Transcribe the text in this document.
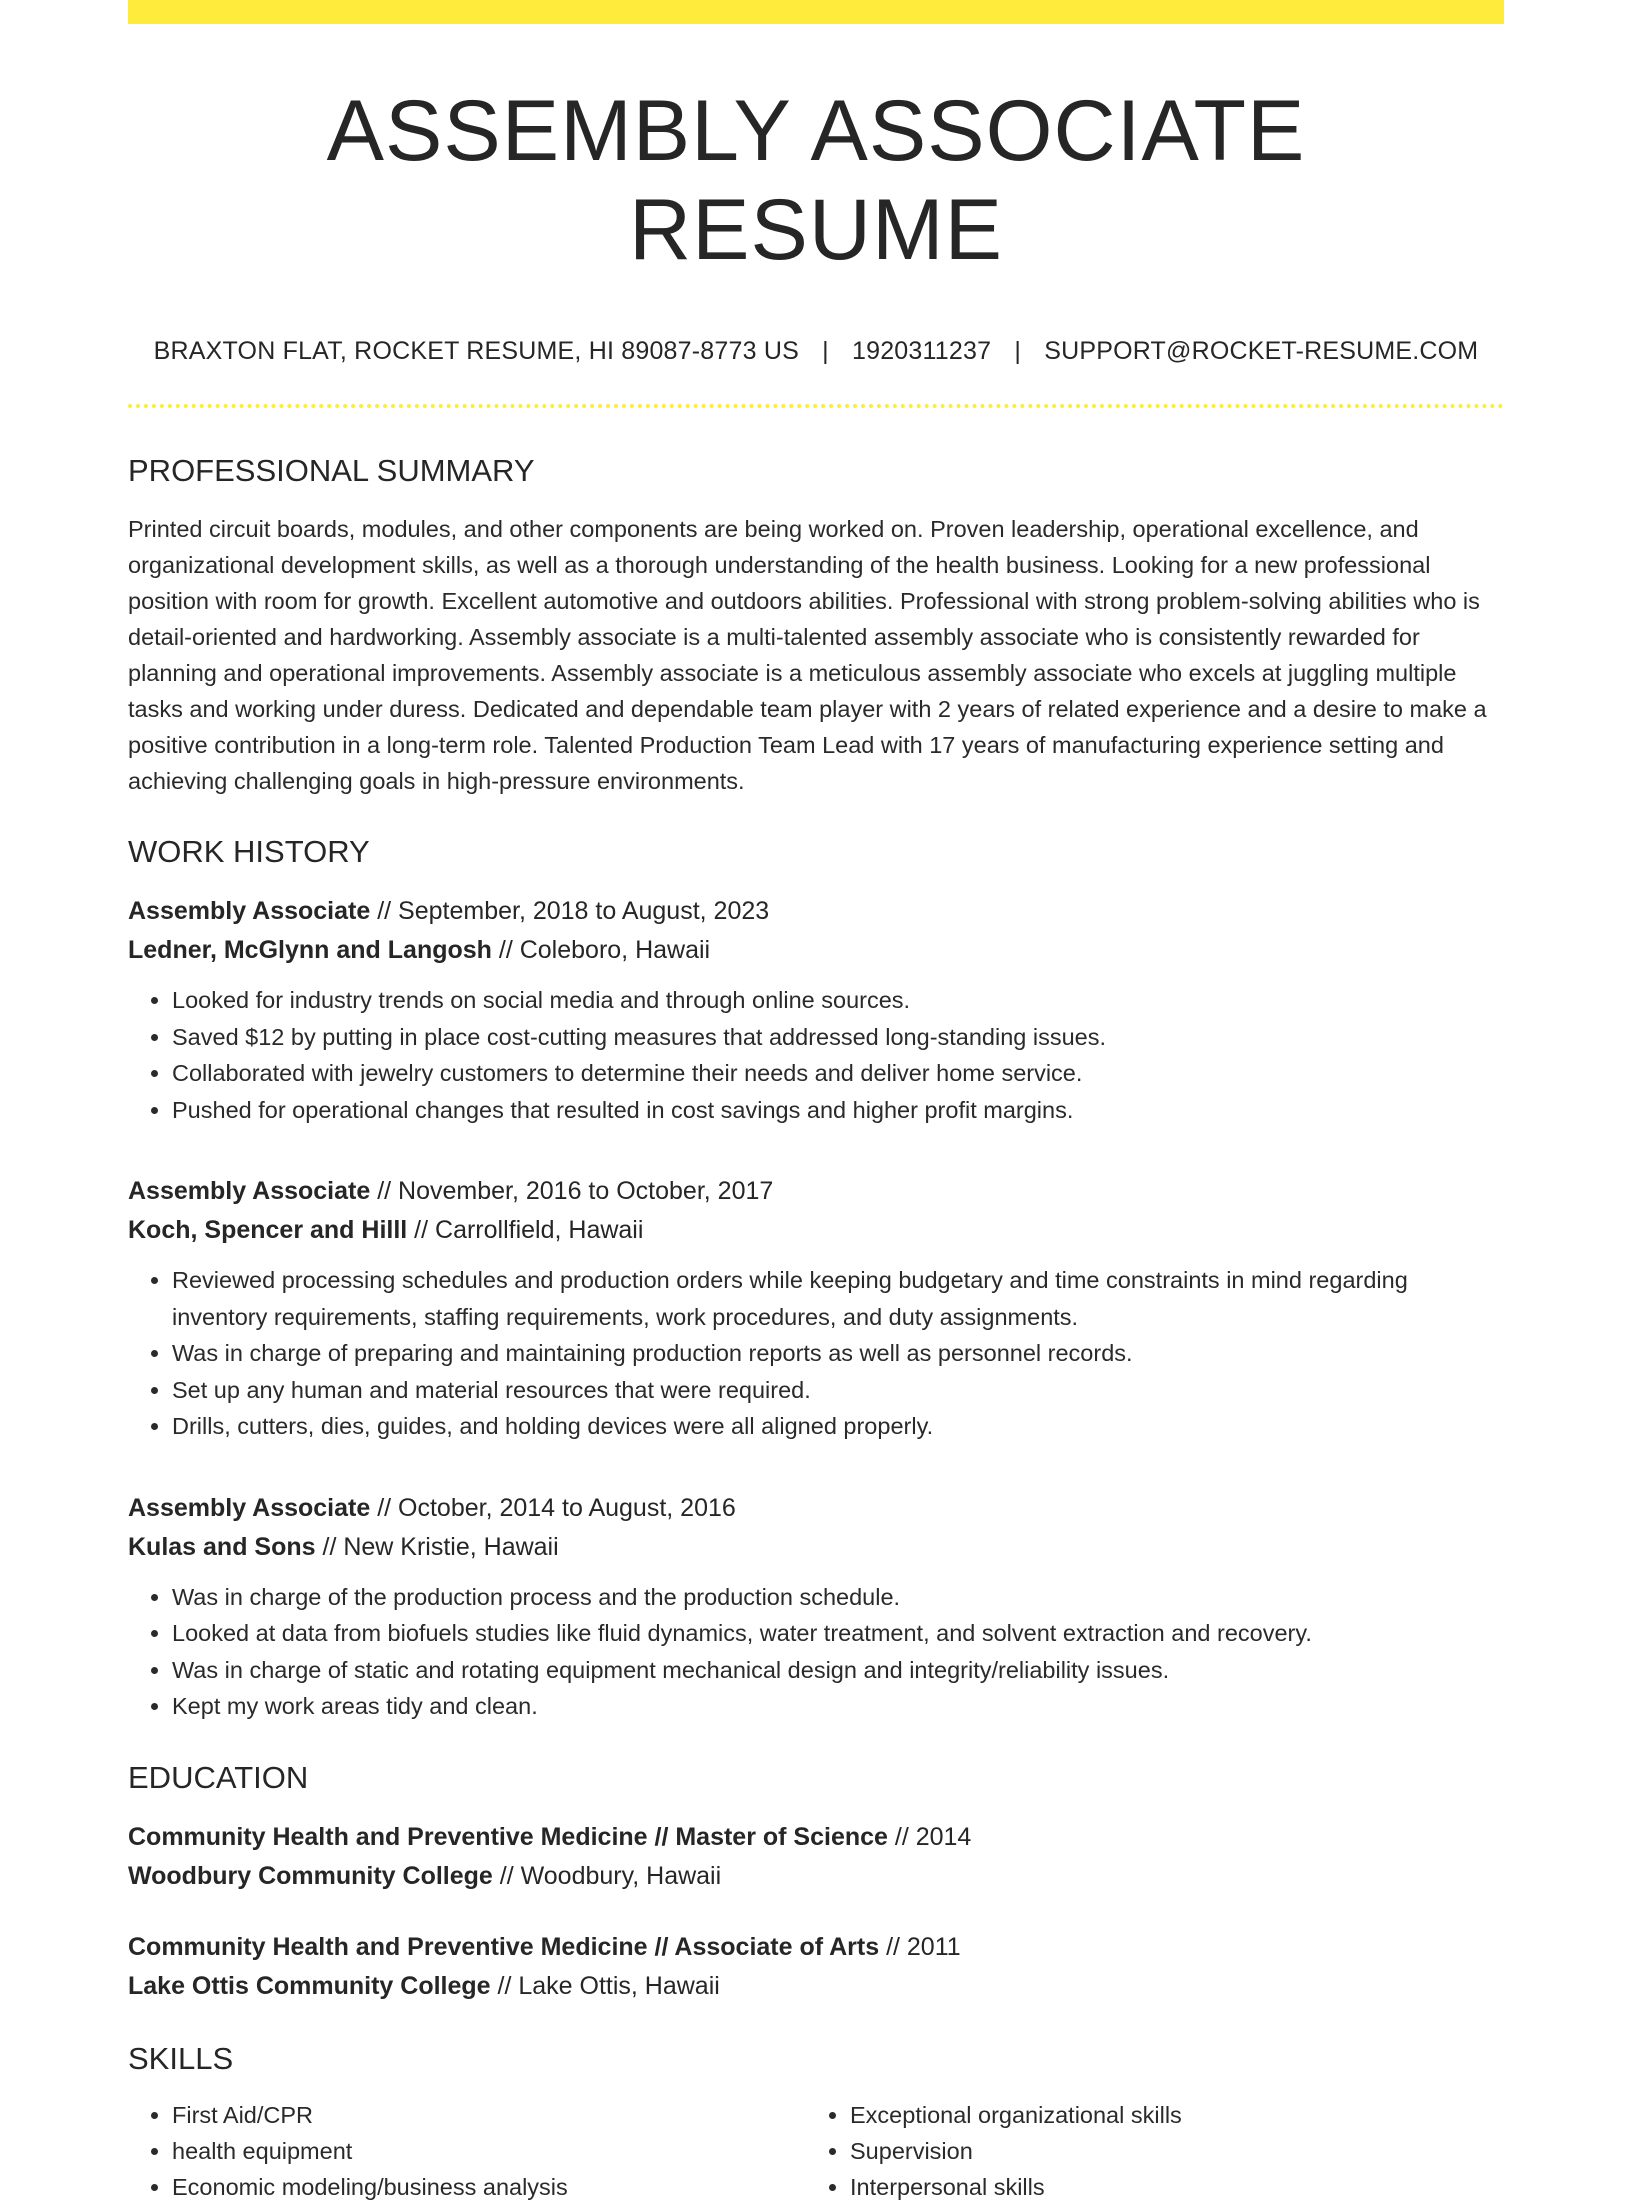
ASSEMBLY ASSOCIATE RESUME
BRAXTON FLAT, ROCKET RESUME, HI 89087-8773 US | 1920311237 | SUPPORT@ROCKET-RESUME.COM
PROFESSIONAL SUMMARY
Printed circuit boards, modules, and other components are being worked on. Proven leadership, operational excellence, and organizational development skills, as well as a thorough understanding of the health business. Looking for a new professional position with room for growth. Excellent automotive and outdoors abilities. Professional with strong problem-solving abilities who is detail-oriented and hardworking. Assembly associate is a multi-talented assembly associate who is consistently rewarded for planning and operational improvements. Assembly associate is a meticulous assembly associate who excels at juggling multiple tasks and working under duress. Dedicated and dependable team player with 2 years of related experience and a desire to make a positive contribution in a long-term role. Talented Production Team Lead with 17 years of manufacturing experience setting and achieving challenging goals in high-pressure environments.
WORK HISTORY
Assembly Associate // September, 2018 to August, 2023
Ledner, McGlynn and Langosh // Coleboro, Hawaii
• Looked for industry trends on social media and through online sources.
• Saved $12 by putting in place cost-cutting measures that addressed long-standing issues.
• Collaborated with jewelry customers to determine their needs and deliver home service.
• Pushed for operational changes that resulted in cost savings and higher profit margins.
Assembly Associate // November, 2016 to October, 2017
Koch, Spencer and Hilll // Carrollfield, Hawaii
• Reviewed processing schedules and production orders while keeping budgetary and time constraints in mind regarding inventory requirements, staffing requirements, work procedures, and duty assignments.
• Was in charge of preparing and maintaining production reports as well as personnel records.
• Set up any human and material resources that were required.
• Drills, cutters, dies, guides, and holding devices were all aligned properly.
Assembly Associate // October, 2014 to August, 2016
Kulas and Sons // New Kristie, Hawaii
• Was in charge of the production process and the production schedule.
• Looked at data from biofuels studies like fluid dynamics, water treatment, and solvent extraction and recovery.
• Was in charge of static and rotating equipment mechanical design and integrity/reliability issues.
• Kept my work areas tidy and clean.
EDUCATION
Community Health and Preventive Medicine // Master of Science // 2014
Woodbury Community College // Woodbury, Hawaii
Community Health and Preventive Medicine // Associate of Arts // 2011
Lake Ottis Community College // Lake Ottis, Hawaii
SKILLS
• First Aid/CPR
• health equipment
• Economic modeling/business analysis
• Exceptional organizational skills
• Supervision
• Interpersonal skills
